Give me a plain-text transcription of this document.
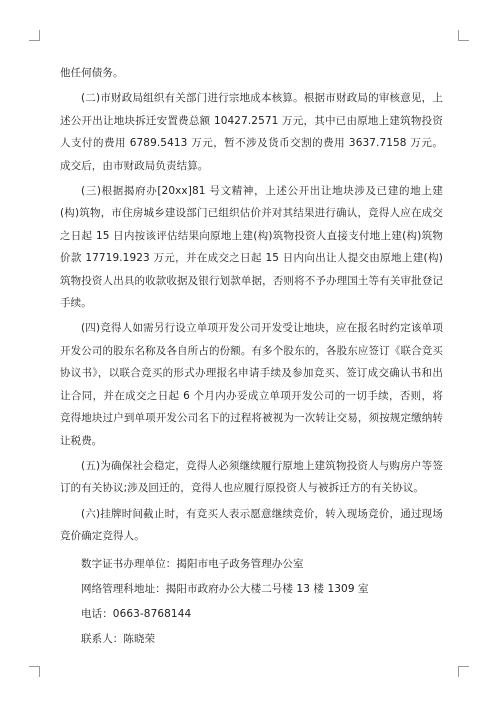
他任何债务。

(二)市财政局组织有关部门进行宗地成本核算。根据市财政局的审核意见，上述公开出让地块拆迁安置费总额 10427.2571 万元，其中已由原地上建筑物投资人支付的费用 6789.5413 万元，暂不涉及货币交割的费用 3637.7158 万元。成交后，由市财政局负责结算。

(三)根据揭府办[20xx]81 号文精神，上述公开出让地块涉及已建的地上建(构)筑物，市住房城乡建设部门已组织估价并对其结果进行确认，竞得人应在成交之日起 15 日内按该评估结果向原地上建(构)筑物投资人直接支付地上建(构)筑物价款 17719.1923 万元，并在成交之日起 15 日内向出让人提交由原地上建(构)筑物投资人出具的收款收据及银行划款单据，否则将不予办理国土等有关审批登记手续。

(四)竞得人如需另行设立单项开发公司开发受让地块，应在报名时约定该单项开发公司的股东名称及各自所占的份额。有多个股东的，各股东应签订《联合竞买协议书》，以联合竞买的形式办理报名申请手续及参加竞买、签订成交确认书和出让合同，并在成交之日起 6 个月内办妥成立单项开发公司的一切手续，否则，将竞得地块过户到单项开发公司名下的过程将被视为一次转让交易，须按规定缴纳转让税费。

(五)为确保社会稳定，竞得人必须继续履行原地上建筑物投资人与购房户等签订的有关协议;涉及回迁的，竞得人也应履行原投资人与被拆迁方的有关协议。

(六)挂牌时间截止时，有竞买人表示愿意继续竞价，转入现场竞价，通过现场竞价确定竞得人。

数字证书办理单位：揭阳市电子政务管理办公室
网络管理科地址：揭阳市政府办公大楼二号楼 13 楼 1309 室
电话：0663-8768144
联系人：陈晓荣
